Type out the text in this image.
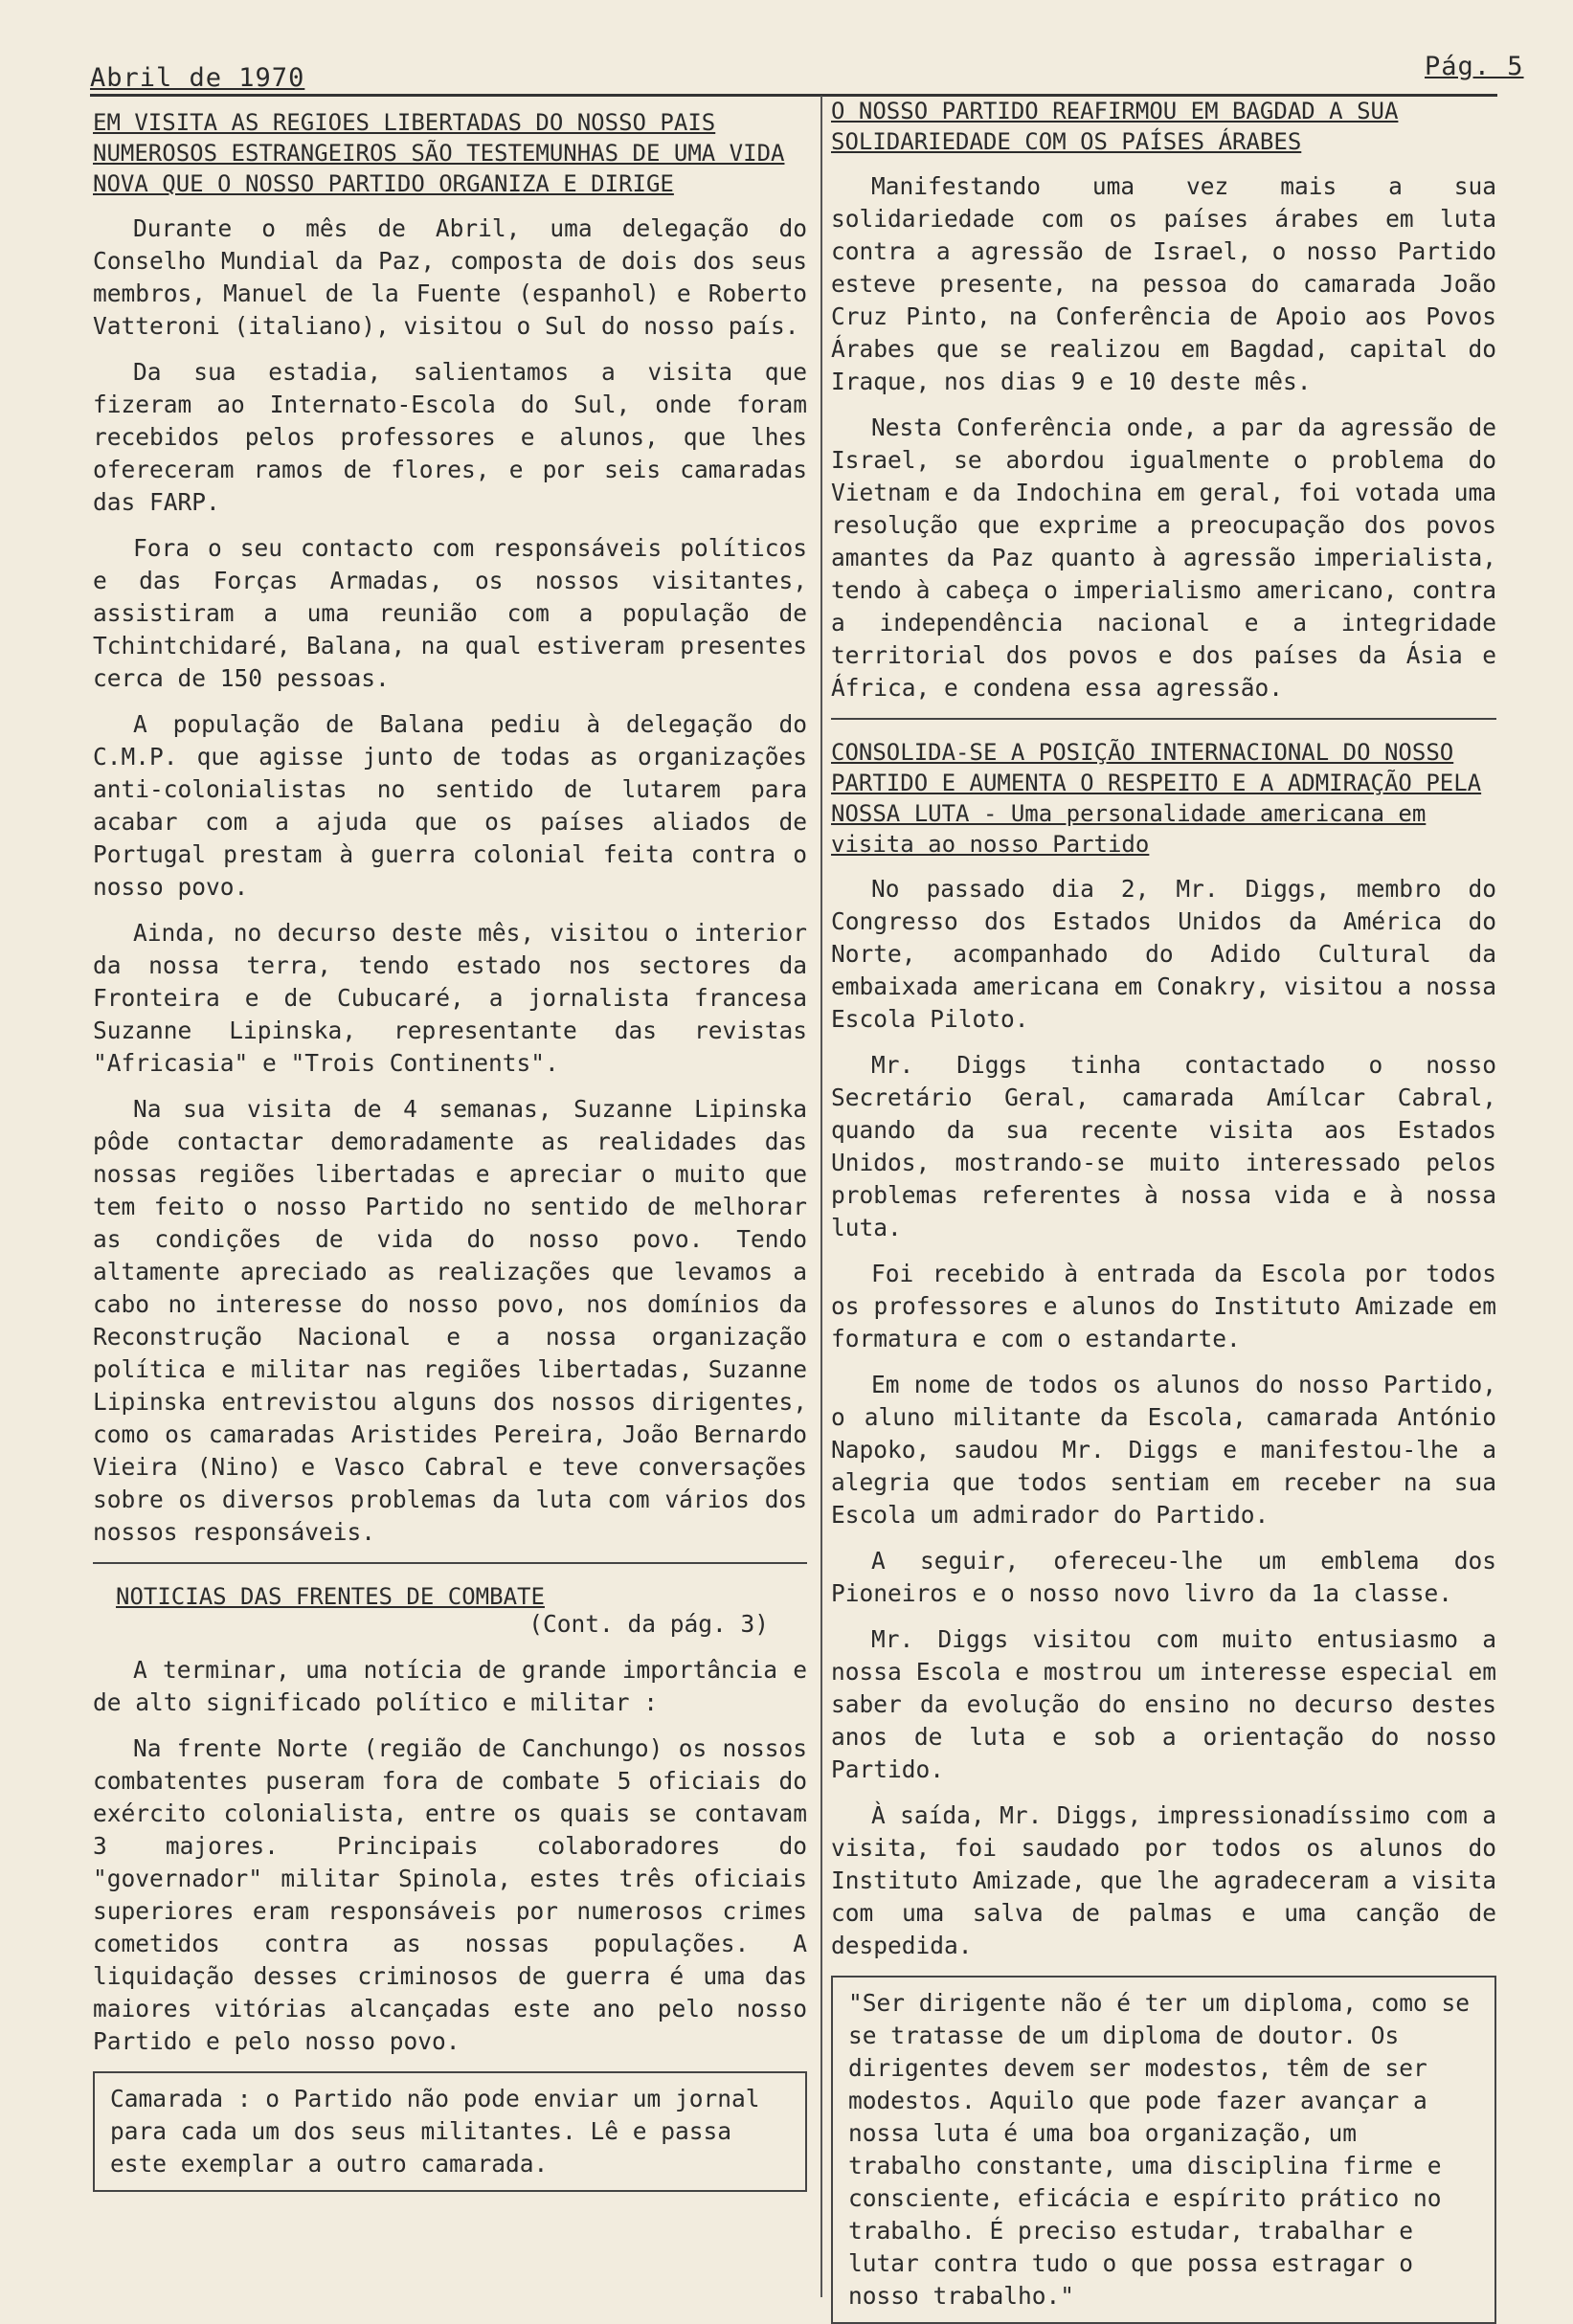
Abril de 1970	Pág. 5
EM VISITA AS REGIOES LIBERTADAS DO NOSSO PAIS NUMEROSOS ESTRANGEIROS SÃO TESTEMUNHAS DE UMA VIDA NOVA QUE O NOSSO PARTIDO ORGANIZA E DIRIGE

Durante o mês de Abril, uma delegação do Conselho Mundial da Paz, composta de dois dos seus membros, Manuel de la Fuente (espanhol) e Roberto Vatteroni (italiano), visitou o Sul do nosso país.

Da sua estadia, salientamos a visita que fizeram ao Internato-Escola do Sul, onde foram recebidos pelos professores e alunos, que lhes ofereceram ramos de flores, e por seis camaradas das FARP.

Fora o seu contacto com responsáveis políticos e das Forças Armadas, os nossos visitantes, assistiram a uma reunião com a população de Tchintchidaré, Balana, na qual estiveram presentes cerca de 150 pessoas.

A população de Balana pediu à delegação do C.M.P. que agisse junto de todas as organizações anti-colonialistas no sentido de lutarem para acabar com a ajuda que os países aliados de Portugal prestam à guerra colonial feita contra o nosso povo.

Ainda, no decurso deste mês, visitou o interior da nossa terra, tendo estado nos sectores da Fronteira e de Cubucaré, a jornalista francesa Suzanne Lipinska, representante das revistas "Africasia" e "Trois Continents".

Na sua visita de 4 semanas, Suzanne Lipinska pôde contactar demoradamente as realidades das nossas regiões libertadas e apreciar o muito que tem feito o nosso Partido no sentido de melhorar as condições de vida do nosso povo. Tendo altamente apreciado as realizações que levamos a cabo no interesse do nosso povo, nos domínios da Reconstrução Nacional e a nossa organização política e militar nas regiões libertadas, Suzanne Lipinska entrevistou alguns dos nossos dirigentes, como os camaradas Aristides Pereira, João Bernardo Vieira (Nino) e Vasco Cabral e teve conversações sobre os diversos problemas da luta com vários dos nossos responsáveis.

NOTICIAS DAS FRENTES DE COMBATE
(Cont. da pág. 3)

A terminar, uma notícia de grande importância e de alto significado político e militar :

Na frente Norte (região de Canchungo) os nossos combatentes puseram fora de combate 5 oficiais do exército colonialista, entre os quais se contavam 3 majores. Principais colaboradores do "governador" militar Spinola, estes três oficiais superiores eram responsáveis por numerosos crimes cometidos contra as nossas populações. A liquidação desses criminosos de guerra é uma das maiores vitórias alcançadas este ano pelo nosso Partido e pelo nosso povo.

Camarada : o Partido não pode enviar um jornal para cada um dos seus militantes. Lê e passa este exemplar a outro camarada.

O NOSSO PARTIDO REAFIRMOU EM BAGDAD A SUA SOLIDARIEDADE COM OS PAÍSES ÁRABES

Manifestando uma vez mais a sua solidariedade com os países árabes em luta contra a agressão de Israel, o nosso Partido esteve presente, na pessoa do camarada João Cruz Pinto, na Conferência de Apoio aos Povos Árabes que se realizou em Bagdad, capital do Iraque, nos dias 9 e 10 deste mês.

Nesta Conferência onde, a par da agressão de Israel, se abordou igualmente o problema do Vietnam e da Indochina em geral, foi votada uma resolução que exprime a preocupação dos povos amantes da Paz quanto à agressão imperialista, tendo à cabeça o imperialismo americano, contra a independência nacional e a integridade territorial dos povos e dos países da Ásia e África, e condena essa agressão.

CONSOLIDA-SE A POSIÇÃO INTERNACIONAL DO NOSSO PARTIDO E AUMENTA O RESPEITO E A ADMIRAÇÃO PELA NOSSA LUTA - Uma personalidade americana em visita ao nosso Partido

No passado dia 2, Mr. Diggs, membro do Congresso dos Estados Unidos da América do Norte, acompanhado do Adido Cultural da embaixada americana em Conakry, visitou a nossa Escola Piloto.

Mr. Diggs tinha contactado o nosso Secretário Geral, camarada Amílcar Cabral, quando da sua recente visita aos Estados Unidos, mostrando-se muito interessado pelos problemas referentes à nossa vida e à nossa luta.

Foi recebido à entrada da Escola por todos os professores e alunos do Instituto Amizade em formatura e com o estandarte.

Em nome de todos os alunos do nosso Partido, o aluno militante da Escola, camarada António Napoko, saudou Mr. Diggs e manifestou-lhe a alegria que todos sentiam em receber na sua Escola um admirador do Partido.

A seguir, ofereceu-lhe um emblema dos Pioneiros e o nosso novo livro da 1a classe.

Mr. Diggs visitou com muito entusiasmo a nossa Escola e mostrou um interesse especial em saber da evolução do ensino no decurso destes anos de luta e sob a orientação do nosso Partido.

À saída, Mr. Diggs, impressionadíssimo com a visita, foi saudado por todos os alunos do Instituto Amizade, que lhe agradeceram a visita com uma salva de palmas e uma canção de despedida.

"Ser dirigente não é ter um diploma, como se se tratasse de um diploma de doutor. Os dirigentes devem ser modestos, têm de ser modestos. Aquilo que pode fazer avançar a nossa luta é uma boa organização, um trabalho constante, uma disciplina firme e consciente, eficácia e espírito prático no trabalho. É preciso estudar, trabalhar e lutar contra tudo o que possa estragar o nosso trabalho."
